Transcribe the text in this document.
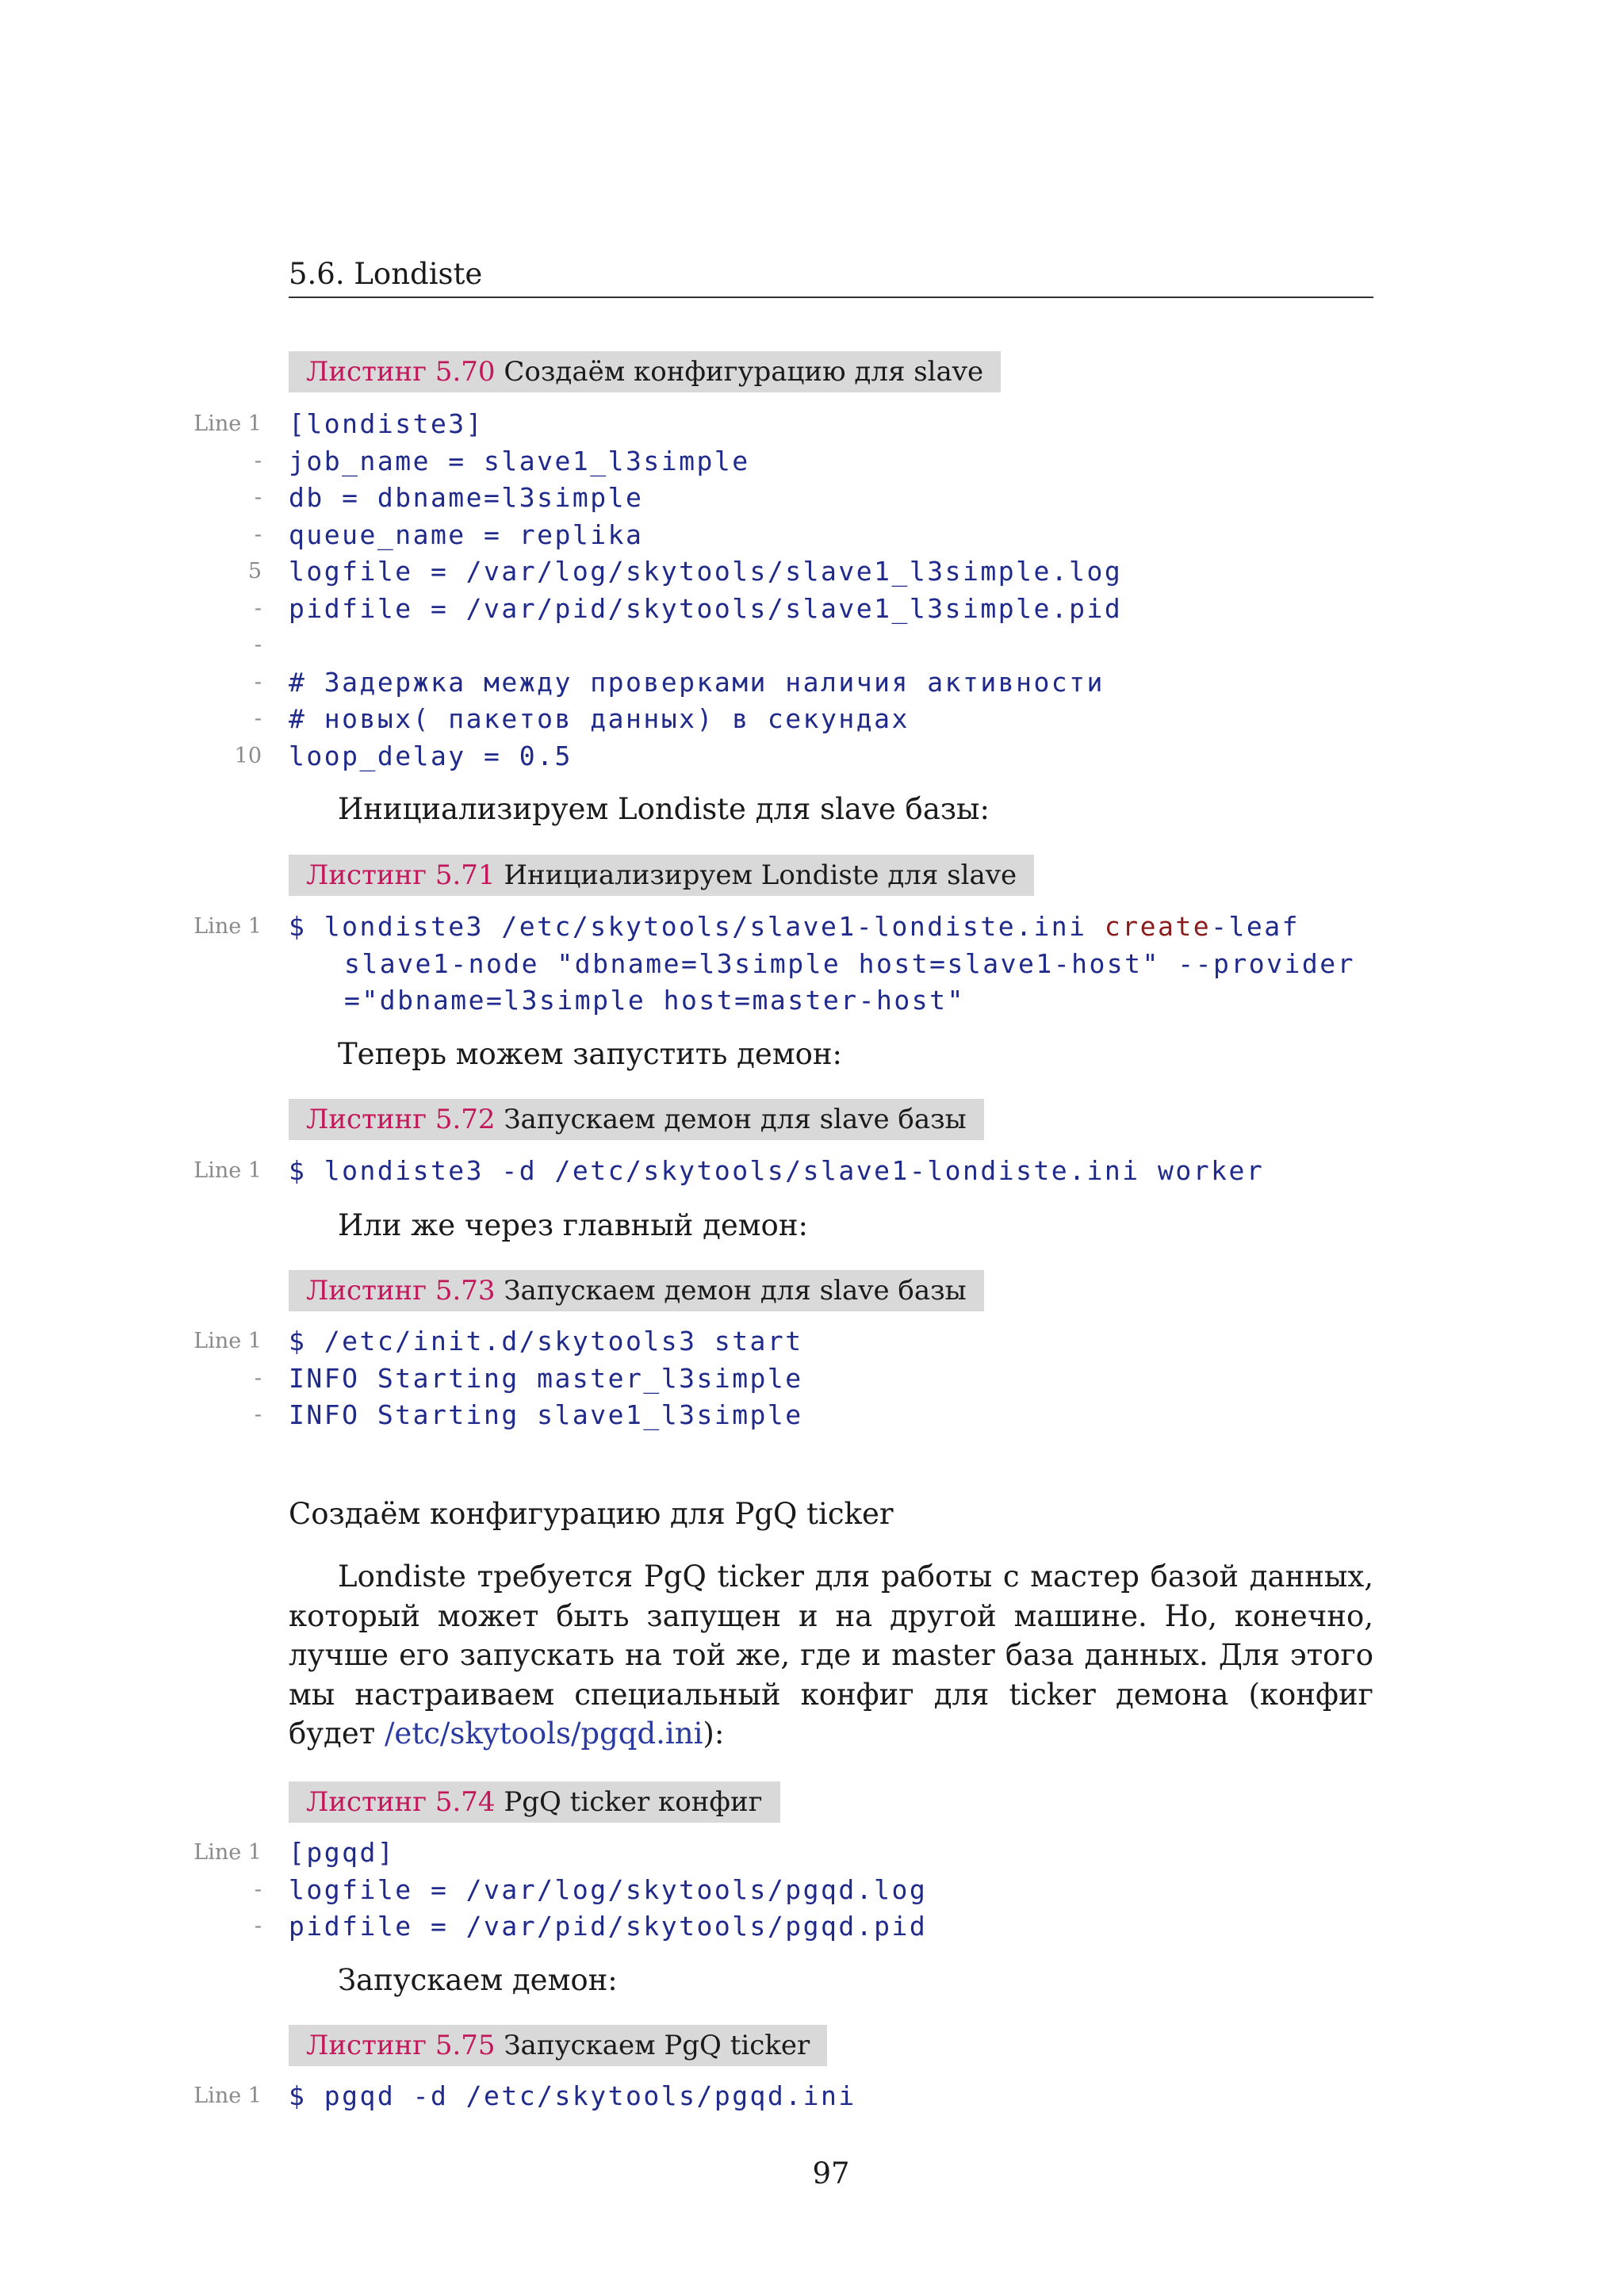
5.6. Londiste
Листинг 5.70 Создаём конфигурацию для slave
Line 1 [londiste3]
- job_name = slave1_l3simple
- db = dbname=l3simple
- queue_name = replika
5 logfile = /var/log/skytools/slave1_l3simple.log
- pidfile = /var/pid/skytools/slave1_l3simple.pid
-
- # Задержка между проверками наличия активности
- # новых( пакетов данных) в секундах
10 loop_delay = 0.5
Инициализируем Londiste для slave базы:
Листинг 5.71 Инициализируем Londiste для slave
Line 1 $ londiste3 /etc/skytools/slave1-londiste.ini create-leaf
slave1-node "dbname=l3simple host=slave1-host" --provider
="dbname=l3simple host=master-host"
Теперь можем запустить демон:
Листинг 5.72 Запускаем демон для slave базы
Line 1 $ londiste3 -d /etc/skytools/slave1-londiste.ini worker
Или же через главный демон:
Листинг 5.73 Запускаем демон для slave базы
Line 1 $ /etc/init.d/skytools3 start
- INFO Starting master_l3simple
- INFO Starting slave1_l3simple
Создаём конфигурацию для PgQ ticker
Londiste требуется PgQ ticker для работы с мастер базой данных, который может быть запущен и на другой машине. Но, конечно, лучше его запускать на той же, где и master база данных. Для этого мы настраиваем специальный конфиг для ticker демона (конфиг будет /etc/skytools/pgqd.ini):
Листинг 5.74 PgQ ticker конфиг
Line 1 [pgqd]
- logfile = /var/log/skytools/pgqd.log
- pidfile = /var/pid/skytools/pgqd.pid
Запускаем демон:
Листинг 5.75 Запускаем PgQ ticker
Line 1 $ pgqd -d /etc/skytools/pgqd.ini
97
